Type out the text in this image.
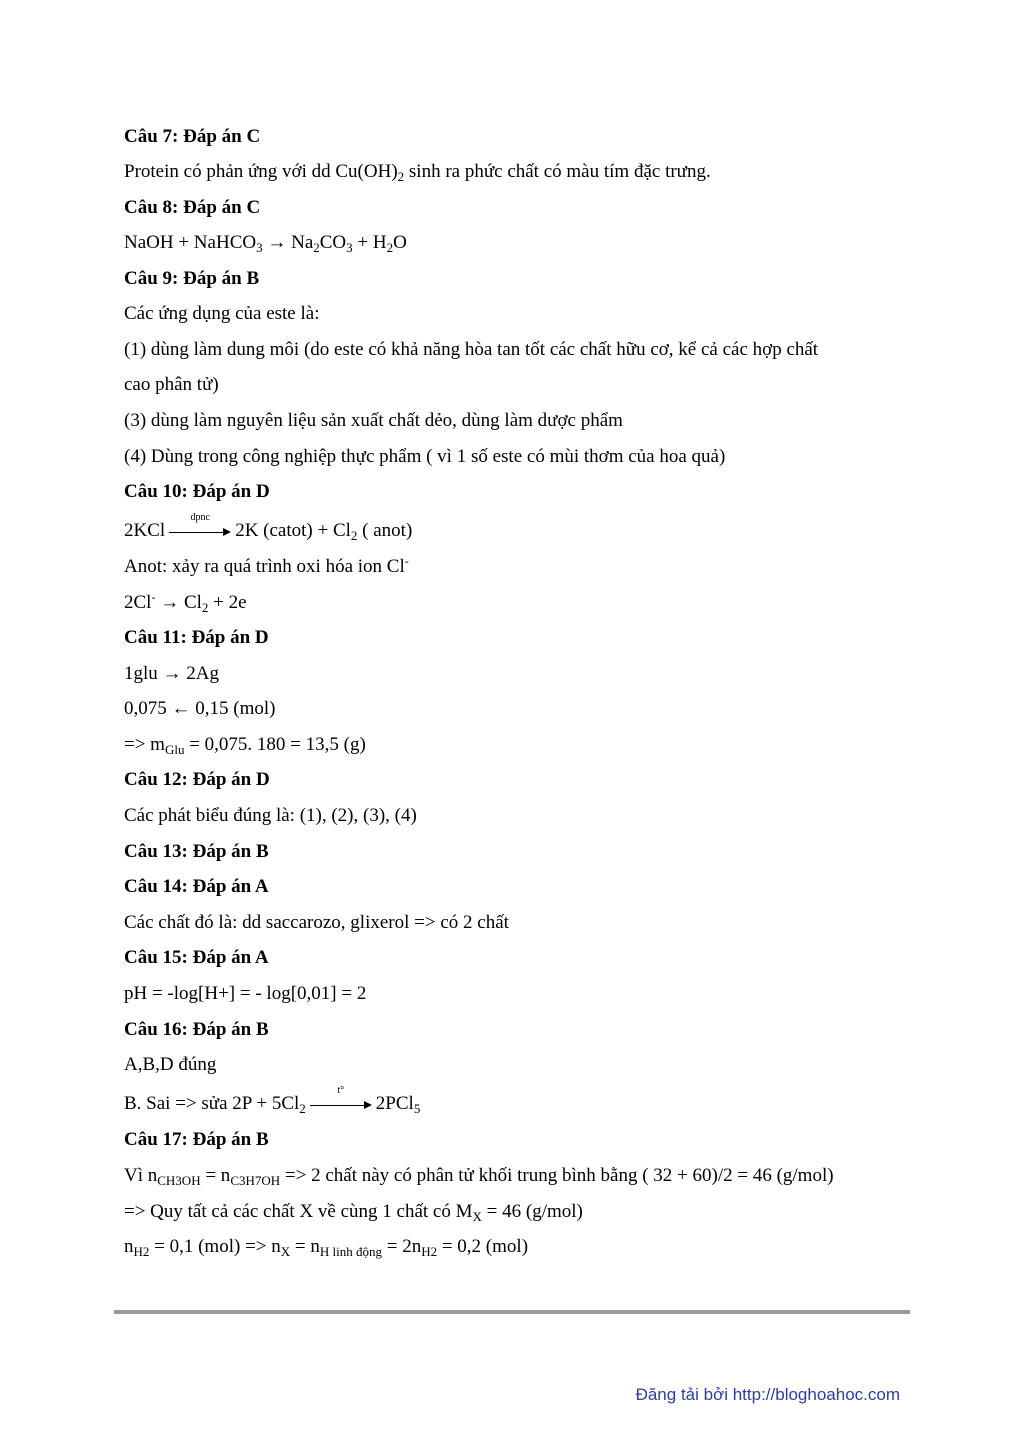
Câu 7: Đáp án C
Protein có phản ứng với dd $Cu(OH)_2$ sinh ra phức chất có màu tím đặc trưng.
Câu 8: Đáp án C
NaOH + NaHCO$_3$ → $Na_2CO_3 + H_2O$
Câu 9: Đáp án B
Các ứng dụng của este là:
(1) dùng làm dung môi (do este có khả năng hòa tan tốt các chất hữu cơ, kể cả các hợp chất
cao phân tử)
(3) dùng làm nguyên liệu sản xuất chất dẻo, dùng làm dược phẩm
(4) Dùng trong công nghiệp thực phẩm ( vì 1 số este có mùi thơm của hoa quả)
Câu 10: Đáp án D
2KCl
dpnc
2K (catot) + $Cl_2$ ( anot)
Anot: xảy ra quá trình oxi hóa ion Cl-
$2Cl^- \to Cl_2 + 2e$
Câu 11: Đáp án D
1glu → 2Ag
0,075 ← 0,15 (mol)
=> $m_{Glu} = 0,075$. 180 = 13,5 (g)
Câu 12: Đáp án D
Các phát biểu đúng là: (1), (2), (3), (4)
Câu 13: Đáp án B
Câu 14: Đáp án A
Các chất đó là: dd saccarozo, glixerol => có 2 chất
Câu 15: Đáp án A
pH = -log[H+] = - log[0,01] = 2
Câu 16: Đáp án B
A,B,D đúng
B. Sai => sửa $2P + 5Cl_2$
t°
2PCl$_5$
Câu 17: Đáp án B
Vì $n_{CH3OH} = n_{C3H7OH} => 2$ chất này có phân tử khối trung bình bằng ( 32 + 60)/2 = 46 (g/mol)
=> Quy tất cả các chất X về cùng 1 chất có $M_X = 46$ (g/mol)
$n_{H2} = 0,1$ $(mol) => n_X = n_{H linh động} = 2n_{H2} = 0,2$ (mol)
Đăng tải bởi http://bloghoahoc.com
